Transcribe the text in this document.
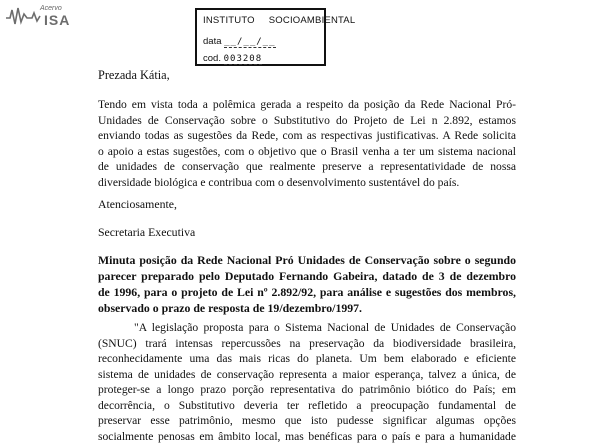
Acervo
ISA	INSTITUTO SOCIOAMBIENTAL
data __/__/__
cod. 003208
Prezada Kátia,
Tendo em vista toda a polêmica gerada a respeito da posição da Rede Nacional Pró-
Unidades de Conservação sobre o Substitutivo do Projeto de Lei n 2.892, estamos
enviando todas as sugestões da Rede, com as respectivas justificativas. A Rede solicita
o apoio a estas sugestões, com o objetivo que o Brasil venha a ter um sistema nacional
de unidades de conservação que realmente preserve a representatividade de nossa
diversidade biológica e contribua com o desenvolvimento sustentável do país.
Atenciosamente,
Secretaria Executiva
Minuta posição da Rede Nacional Pró Unidades de Conservação sobre o segundo
parecer preparado pelo Deputado Fernando Gabeira, datado de 3 de dezembro
de 1996, para o projeto de Lei nº 2.892/92, para análise e sugestões dos membros,
observado o prazo de resposta de 19/dezembro/1997.
"A legislação proposta para o Sistema Nacional de Unidades de Conservação
(SNUC) trará intensas repercussões na preservação da biodiversidade brasileira,
reconhecidamente uma das mais ricas do planeta. Um bem elaborado e eficiente
sistema de unidades de conservação representa a maior esperança, talvez a única, de
proteger-se a longo prazo porção representativa do patrimônio biótico do País; em
decorrência, o Substitutivo deveria ter refletido a preocupação fundamental de
preservar esse patrimônio, mesmo que isto pudesse significar algumas opções
socialmente penosas em âmbito local, mas benéficas para o país e para a humanidade
